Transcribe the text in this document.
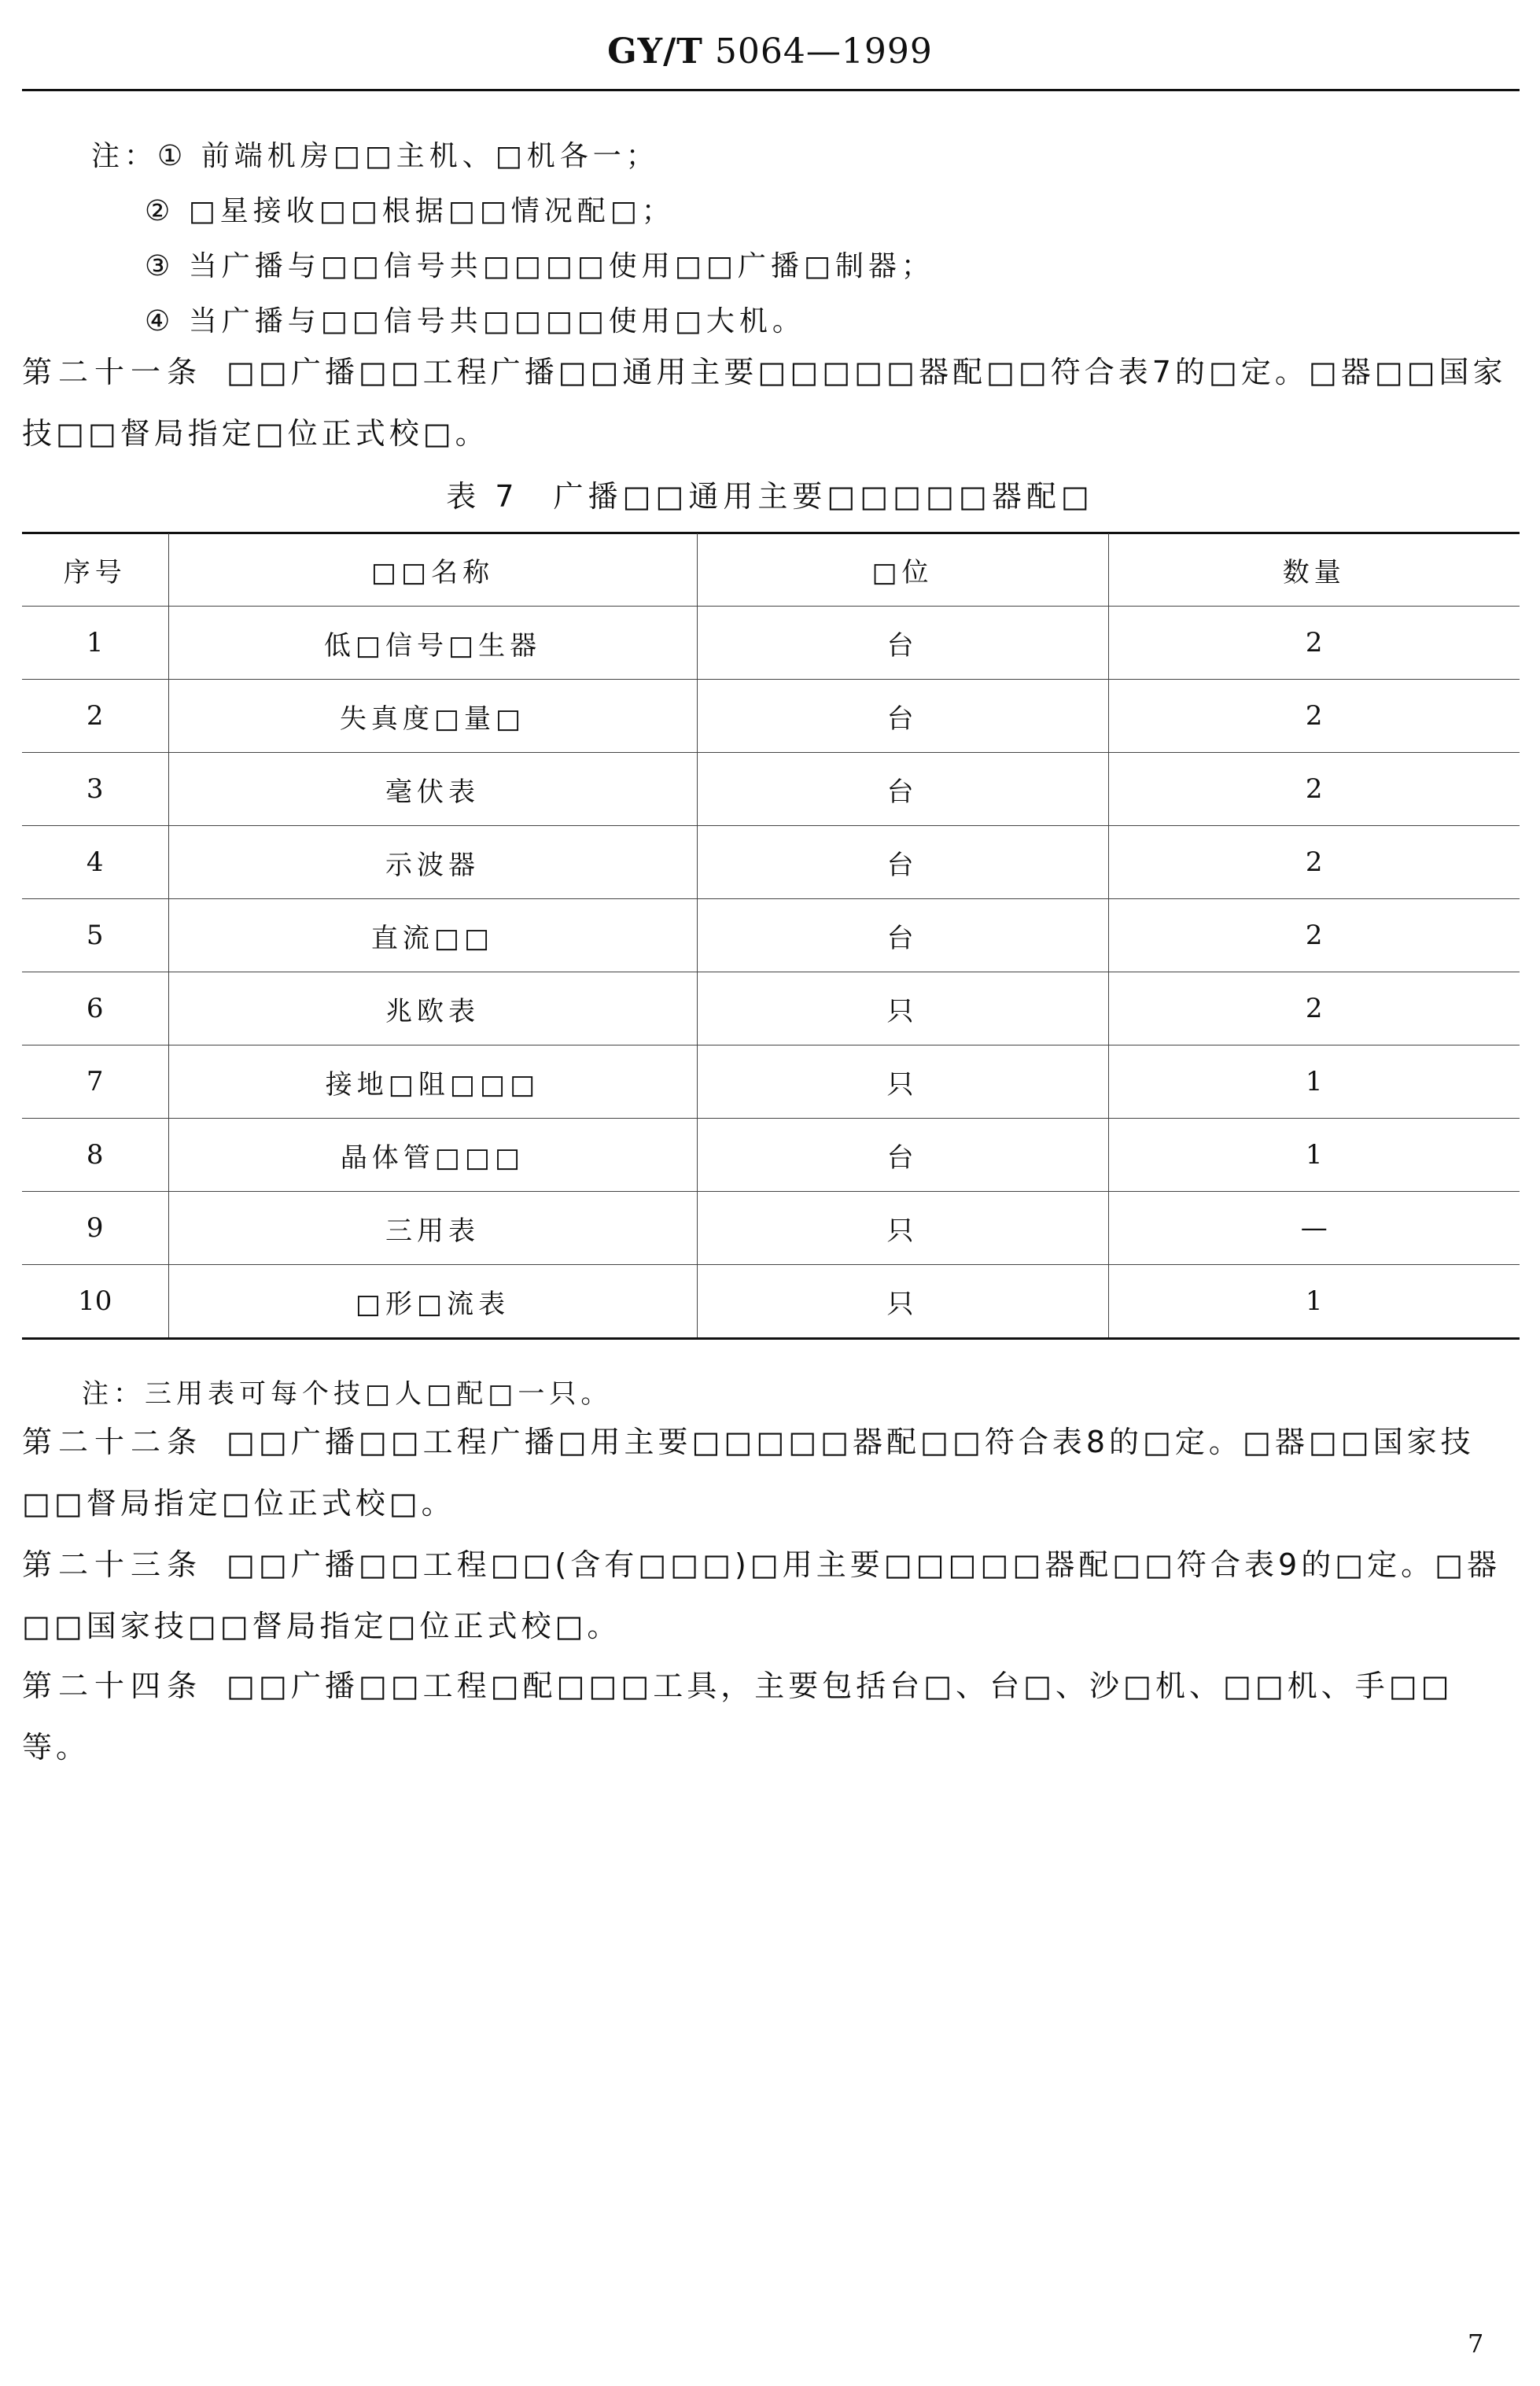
GY/T 5064—1999
注：① 前端机房□□主机、□机各一；
② □星接收□□根据□□情况配□；
③ 当广播与□□信号共□□□□使用□□广播□制器；
④ 当广播与□□信号共□□□□使用□大机。
第二十一条 □□广播□□工程广播□□通用主要□□□□□器配□□符合表7的□定。□器□□国家技□□督局指定□位正式校□。
表 7　广播□□通用主要□□□□□器配□
序号	□□名称	□位	数量
1	低□信号□生器	台	2
2	失真度□量□	台	2
3	毫伏表	台	2
4	示波器	台	2
5	直流□□	台	2
6	兆欧表	只	2
7	接地□阻□□□	只	1
8	晶体管□□□	台	1
9	三用表	只	—
10	□形□流表	只	1
注：三用表可每个技□人□配□一只。
第二十二条 □□广播□□工程广播□用主要□□□□□器配□□符合表8的□定。□器□□国家技□□督局指定□位正式校□。
第二十三条 □□广播□□工程□□(含有□□□)□用主要□□□□□器配□□符合表9的□定。□器□□国家技□□督局指定□位正式校□。
第二十四条 □□广播□□工程□配□□□工具，主要包括台□、台□、沙□机、□□机、手□□等。
7
